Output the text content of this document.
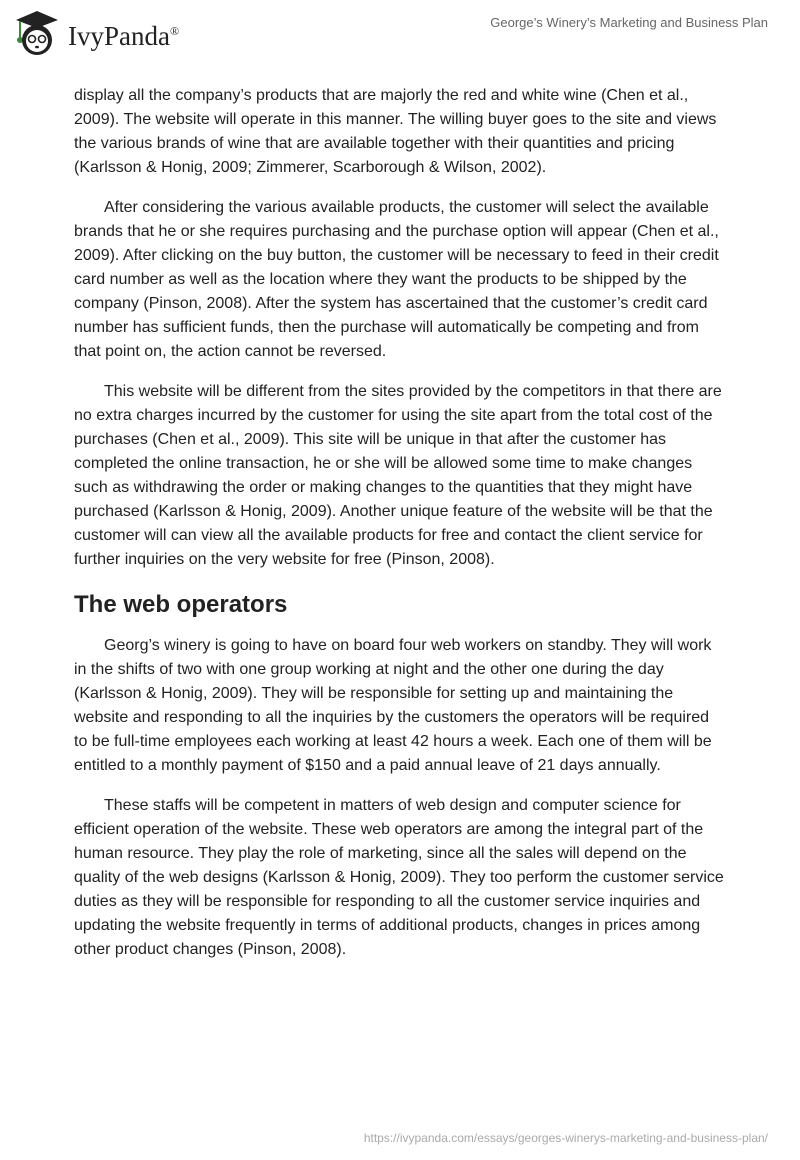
IvyPanda®
George’s Winery’s Marketing and Business Plan

display all the company’s products that are majorly the red and white wine (Chen et al., 2009). The website will operate in this manner. The willing buyer goes to the site and views the various brands of wine that are available together with their quantities and pricing (Karlsson & Honig, 2009; Zimmerer, Scarborough & Wilson, 2002).

After considering the various available products, the customer will select the available brands that he or she requires purchasing and the purchase option will appear (Chen et al., 2009). After clicking on the buy button, the customer will be necessary to feed in their credit card number as well as the location where they want the products to be shipped by the company (Pinson, 2008). After the system has ascertained that the customer’s credit card number has sufficient funds, then the purchase will automatically be competing and from that point on, the action cannot be reversed.

This website will be different from the sites provided by the competitors in that there are no extra charges incurred by the customer for using the site apart from the total cost of the purchases (Chen et al., 2009). This site will be unique in that after the customer has completed the online transaction, he or she will be allowed some time to make changes such as withdrawing the order or making changes to the quantities that they might have purchased (Karlsson & Honig, 2009). Another unique feature of the website will be that the customer will can view all the available products for free and contact the client service for further inquiries on the very website for free (Pinson, 2008).

The web operators

Georg’s winery is going to have on board four web workers on standby. They will work in the shifts of two with one group working at night and the other one during the day (Karlsson & Honig, 2009). They will be responsible for setting up and maintaining the website and responding to all the inquiries by the customers the operators will be required to be full-time employees each working at least 42 hours a week. Each one of them will be entitled to a monthly payment of $150 and a paid annual leave of 21 days annually.

These staffs will be competent in matters of web design and computer science for efficient operation of the website. These web operators are among the integral part of the human resource. They play the role of marketing, since all the sales will depend on the quality of the web designs (Karlsson & Honig, 2009). They too perform the customer service duties as they will be responsible for responding to all the customer service inquiries and updating the website frequently in terms of additional products, changes in prices among other product changes (Pinson, 2008).

https://ivypanda.com/essays/georges-winerys-marketing-and-business-plan/
